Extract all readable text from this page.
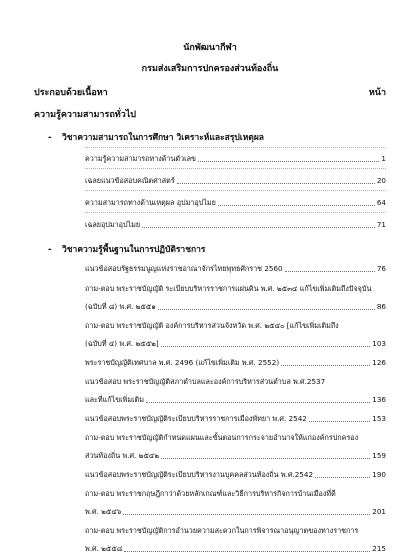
นักพัฒนากีฬา
กรมส่งเสริมการปกครองส่วนท้องถิ่น
ประกอบด้วยเนื้อหา	หน้า
ความรู้ความสามารถทั่วไป
- วิชาความสามารถในการศึกษา วิเคราะห์และสรุปเหตุผล
ความรู้ความสามารถทางด้านตัวเลข	1
เฉลยแนวข้อสอบคณิตศาสตร์	20
ความสามารถทางด้านเหตุผล อุปมาอุปไมย	64
เฉลยอุปมาอุปไมย	71
- วิชาความรู้พื้นฐานในการปฏิบัติราชการ
แนวข้อสอบรัฐธรรมนูญแห่งราชอาณาจักรไทยพุทธศักราช 2560	76
ถาม-ตอบ พระราชบัญญัติ ระเบียบบริหารราชการแผ่นดิน พ.ศ. ๒๕๓๔ แก้ไขเพิ่มเติมถึงปัจจุบัน
(ฉบับที่ ๘) พ.ศ. ๒๕๕๑	86
ถาม-ตอบ พระราชบัญญัติ องค์การบริหารส่วนจังหวัด พ.ศ. ๒๕๔๐ [แก้ไขเพิ่มเติมถึง
(ฉบับที่ ๔) พ.ศ. ๒๕๕๒]	103
พระราชบัญญัติเทศบาล พ.ศ. 2496 (แก้ไขเพิ่มเติม พ.ศ. 2552)	126
แนวข้อสอบ พระราชบัญญัติสภาตำบลและองค์การบริหารส่วนตำบล พ.ศ.2537
และที่แก้ไขเพิ่มเติม	136
แนวข้อสอบพระราชบัญญัติระเบียบบริหารราชการเมืองพัทยา พ.ศ. 2542	153
ถาม-ตอบ พระราชบัญญัติกำหนดแผนและขั้นตอนการกระจายอำนาจให้แก่องค์กรปกครอง
ส่วนท้องถิ่น พ.ศ. ๒๕๔๒	159
แนวข้อสอบพระราชบัญญัติระเบียบบริหารงานบุคคลส่วนท้องถิ่น พ.ศ.2542	190
ถาม-ตอบ พระราชกฤษฎีกาว่าด้วยหลักเกณฑ์และวิธีการบริหารกิจการบ้านเมืองที่ดี
พ.ศ. ๒๕๔๖	201
ถาม-ตอบ พระราชบัญญัติการอำนวยความสะดวกในการพิจารณาอนุญาตของทางราชการ
พ.ศ. ๒๕๕๘	215
